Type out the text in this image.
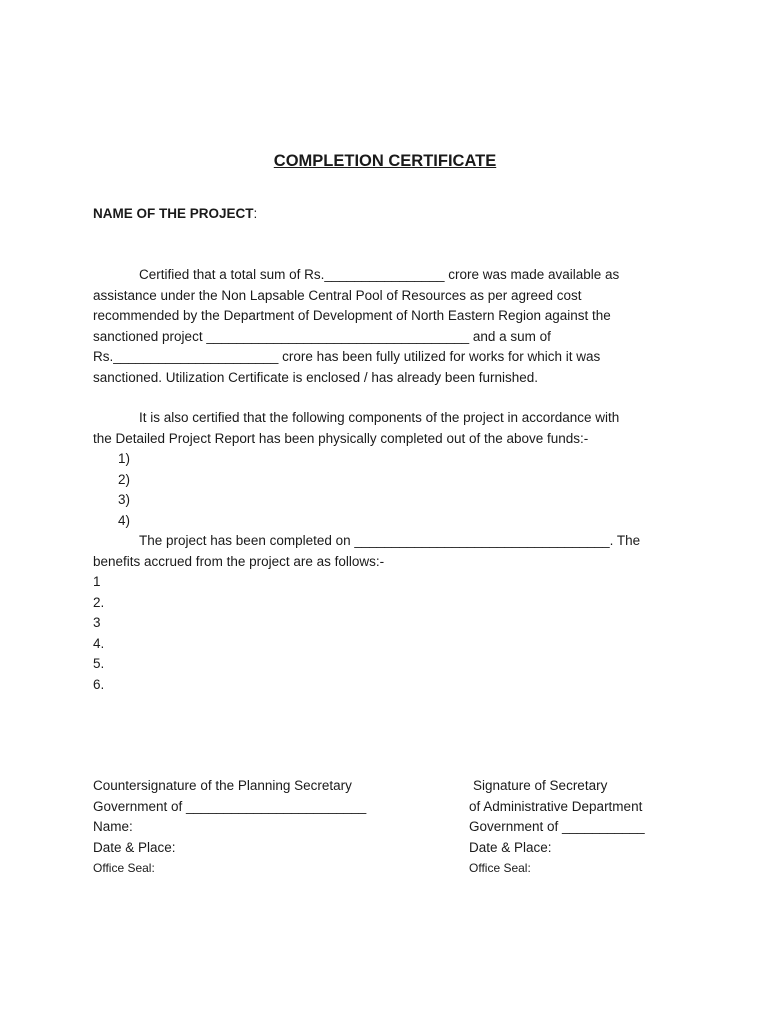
COMPLETION CERTIFICATE
NAME OF THE PROJECT:
Certified that a total sum of Rs.________________ crore was made available as
assistance under the Non Lapsable Central Pool of Resources as per agreed cost
recommended by the Department of Development of North Eastern Region against the
sanctioned project ___________________________________ and a sum of
Rs.______________________ crore has been fully utilized for works for which it was
sanctioned. Utilization Certificate is enclosed / has already been furnished.
It is also certified that the following components of the project in accordance with
the Detailed Project Report has been physically completed out of the above funds:-
1)
2)
3)
4)
The project has been completed on __________________________________. The
benefits accrued from the project are as follows:-
1
2.
3
4.
5.
6.
Countersignature of the Planning Secretary
Government of ________________________
Name:
Date & Place:
Office Seal:
Signature of Secretary
of Administrative Department
Government of ___________
Date & Place:
Office Seal:
